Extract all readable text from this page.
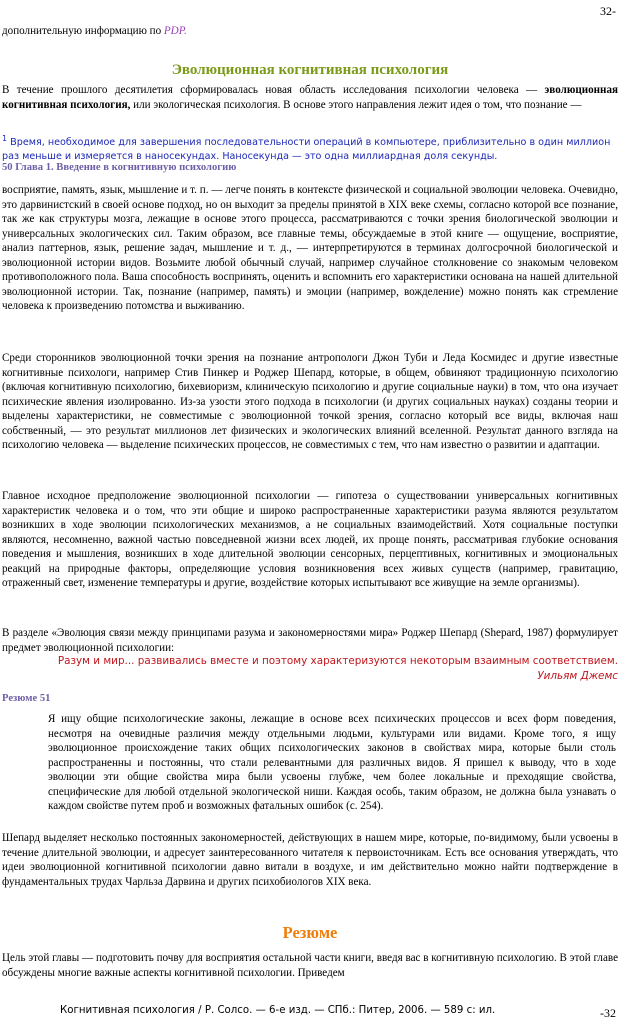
32-

дополнительную информацию по PDP.

Эволюционная когнитивная психология

В течение прошлого десятилетия сформировалась новая область исследования психологии человека — эволюционная когнитивная психология, или экологическая психология. В основе этого направления лежит идея о том, что познание —

$^1$ Время, необходимое для завершения последовательности операций в компьютере, приблизительно в один миллион раз меньше и измеряется в наносекундах. Наносекунда — это одна миллиардная доля секунды.

50 Глава 1. Введение в когнитивную психологию

восприятие, память, язык, мышление и т. п. — легче понять в контексте физической и социальной эволюции человека. Очевидно, это дарвинистский в своей основе подход, но он выходит за пределы принятой в XIX веке схемы, согласно которой все познание, так же как структуры мозга, лежащие в основе этого процесса, рассматриваются с точки зрения биологической эволюции и универсальных экологических сил. Таким образом, все главные темы, обсуждаемые в этой книге — ощущение, восприятие, анализ паттернов, язык, решение задач, мышление и т. д., — интерпретируются в терминах долгосрочной биологической и эволюционной истории видов. Возьмите любой обычный случай, например случайное столкновение со знакомым человеком противоположного пола. Ваша способность воспринять, оценить и вспомнить его характеристики основана на нашей длительной эволюционной истории. Так, познание (например, память) и эмоции (например, вожделение) можно понять как стремление человека к произведению потомства и выживанию.

Среди сторонников эволюционной точки зрения на познание антропологи Джон Туби и Леда Космидес и другие известные когнитивные психологи, например Стив Пинкер и Роджер Шепард, которые, в общем, обвиняют традиционную психологию (включая когнитивную психологию, бихевиоризм, клиническую психологию и другие социальные науки) в том, что она изучает психические явления изолированно. Из-за узости этого подхода в психологии (и других социальных науках) созданы теории и выделены характеристики, не совместимые с эволюционной точкой зрения, согласно который все виды, включая наш собственный, — это результат миллионов лет физических и экологических влияний вселенной. Результат данного взгляда на психологию человека — выделение психических процессов, не совместимых с тем, что нам известно о развитии и адаптации.

Главное исходное предположение эволюционной психологии — гипотеза о существовании универсальных когнитивных характеристик человека и о том, что эти общие и широко распространенные характеристики разума являются результатом возникших в ходе эволюции психологических механизмов, а не социальных взаимодействий. Хотя социальные поступки являются, несомненно, важной частью повседневной жизни всех людей, их проще понять, рассматривая глубокие основания поведения и мышления, возникших в ходе длительной эволюции сенсорных, перцептивных, когнитивных и эмоциональных реакций на природные факторы, определяющие условия возникновения всех живых существ (например, гравитацию, отраженный свет, изменение температуры и другие, воздействие которых испытывают все живущие на земле организмы).

В разделе «Эволюция связи между принципами разума и закономерностями мира» Роджер Шепард (Shepard, 1987) формулирует предмет эволюционной психологии:

Разум и мир... развивались вместе и поэтому характеризуются некоторым взаимным соответствием.
Уильям Джемс
Резюме 51

Я ищу общие психологические законы, лежащие в основе всех психических процессов и всех форм поведения, несмотря на очевидные различия между отдельными людьми, культурами или видами. Кроме того, я ищу эволюционное происхождение таких общих психологических законов в свойствах мира, которые были столь распространенны и постоянны, что стали релевантными для различных видов. Я пришел к выводу, что в ходе эволюции эти общие свойства мира были усвоены глубже, чем более локальные и преходящие свойства, специфические для любой отдельной экологической ниши. Каждая особь, таким образом, не должна была узнавать о каждом свойстве путем проб и возможных фатальных ошибок (с. 254).

Шепард выделяет несколько постоянных закономерностей, действующих в нашем мире, которые, по-видимому, были усвоены в течение длительной эволюции, и адресует заинтересованного читателя к первоисточникам. Есть все основания утверждать, что идеи эволюционной когнитивной психологии давно витали в воздухе, и им действительно можно найти подтверждение в фундаментальных трудах Чарльза Дарвина и других психобиологов XIX века.

Резюме

Цель этой главы — подготовить почву для восприятия остальной части книги, введя вас в когнитивную психологию. В этой главе обсуждены многие важные аспекты когнитивной психологии. Приведем

Когнитивная психология / Р. Солсо. — 6-е изд. — СПб.: Питер, 2006. — 589 с: ил.	-32
